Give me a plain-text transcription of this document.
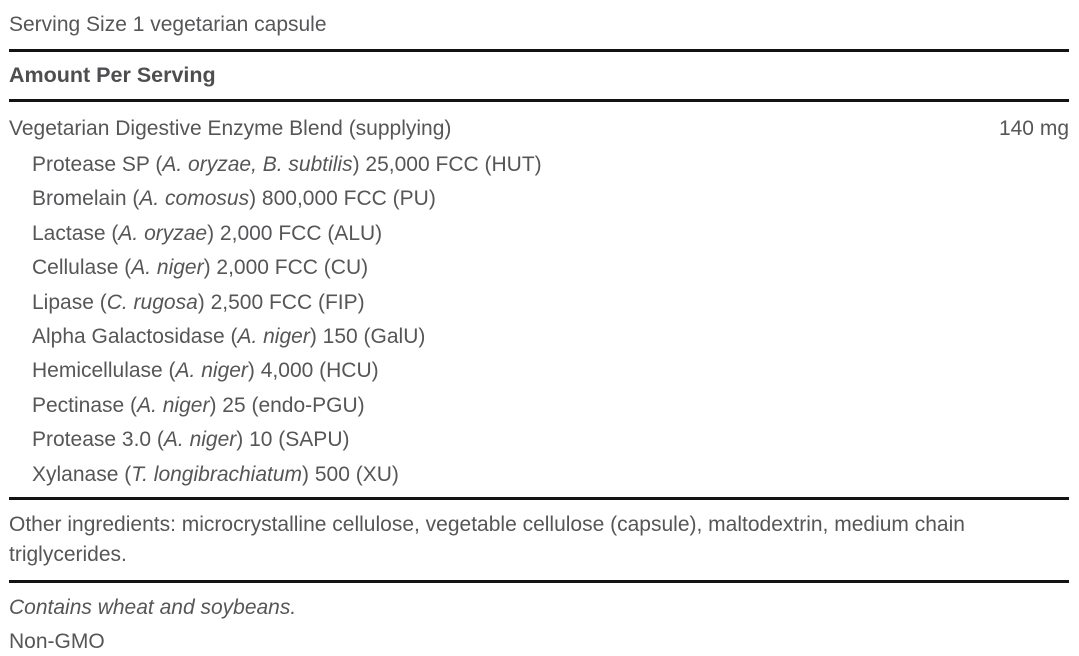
Serving Size 1 vegetarian capsule
Amount Per Serving
Vegetarian Digestive Enzyme Blend (supplying)	140 mg
Protease SP (A. oryzae, B. subtilis) 25,000 FCC (HUT)
Bromelain (A. comosus) 800,000 FCC (PU)
Lactase (A. oryzae) 2,000 FCC (ALU)
Cellulase (A. niger) 2,000 FCC (CU)
Lipase (C. rugosa) 2,500 FCC (FIP)
Alpha Galactosidase (A. niger) 150 (GalU)
Hemicellulase (A. niger) 4,000 (HCU)
Pectinase (A. niger) 25 (endo-PGU)
Protease 3.0 (A. niger) 10 (SAPU)
Xylanase (T. longibrachiatum) 500 (XU)
Other ingredients: microcrystalline cellulose, vegetable cellulose (capsule), maltodextrin, medium chain triglycerides.
Contains wheat and soybeans.
Non-GMO
